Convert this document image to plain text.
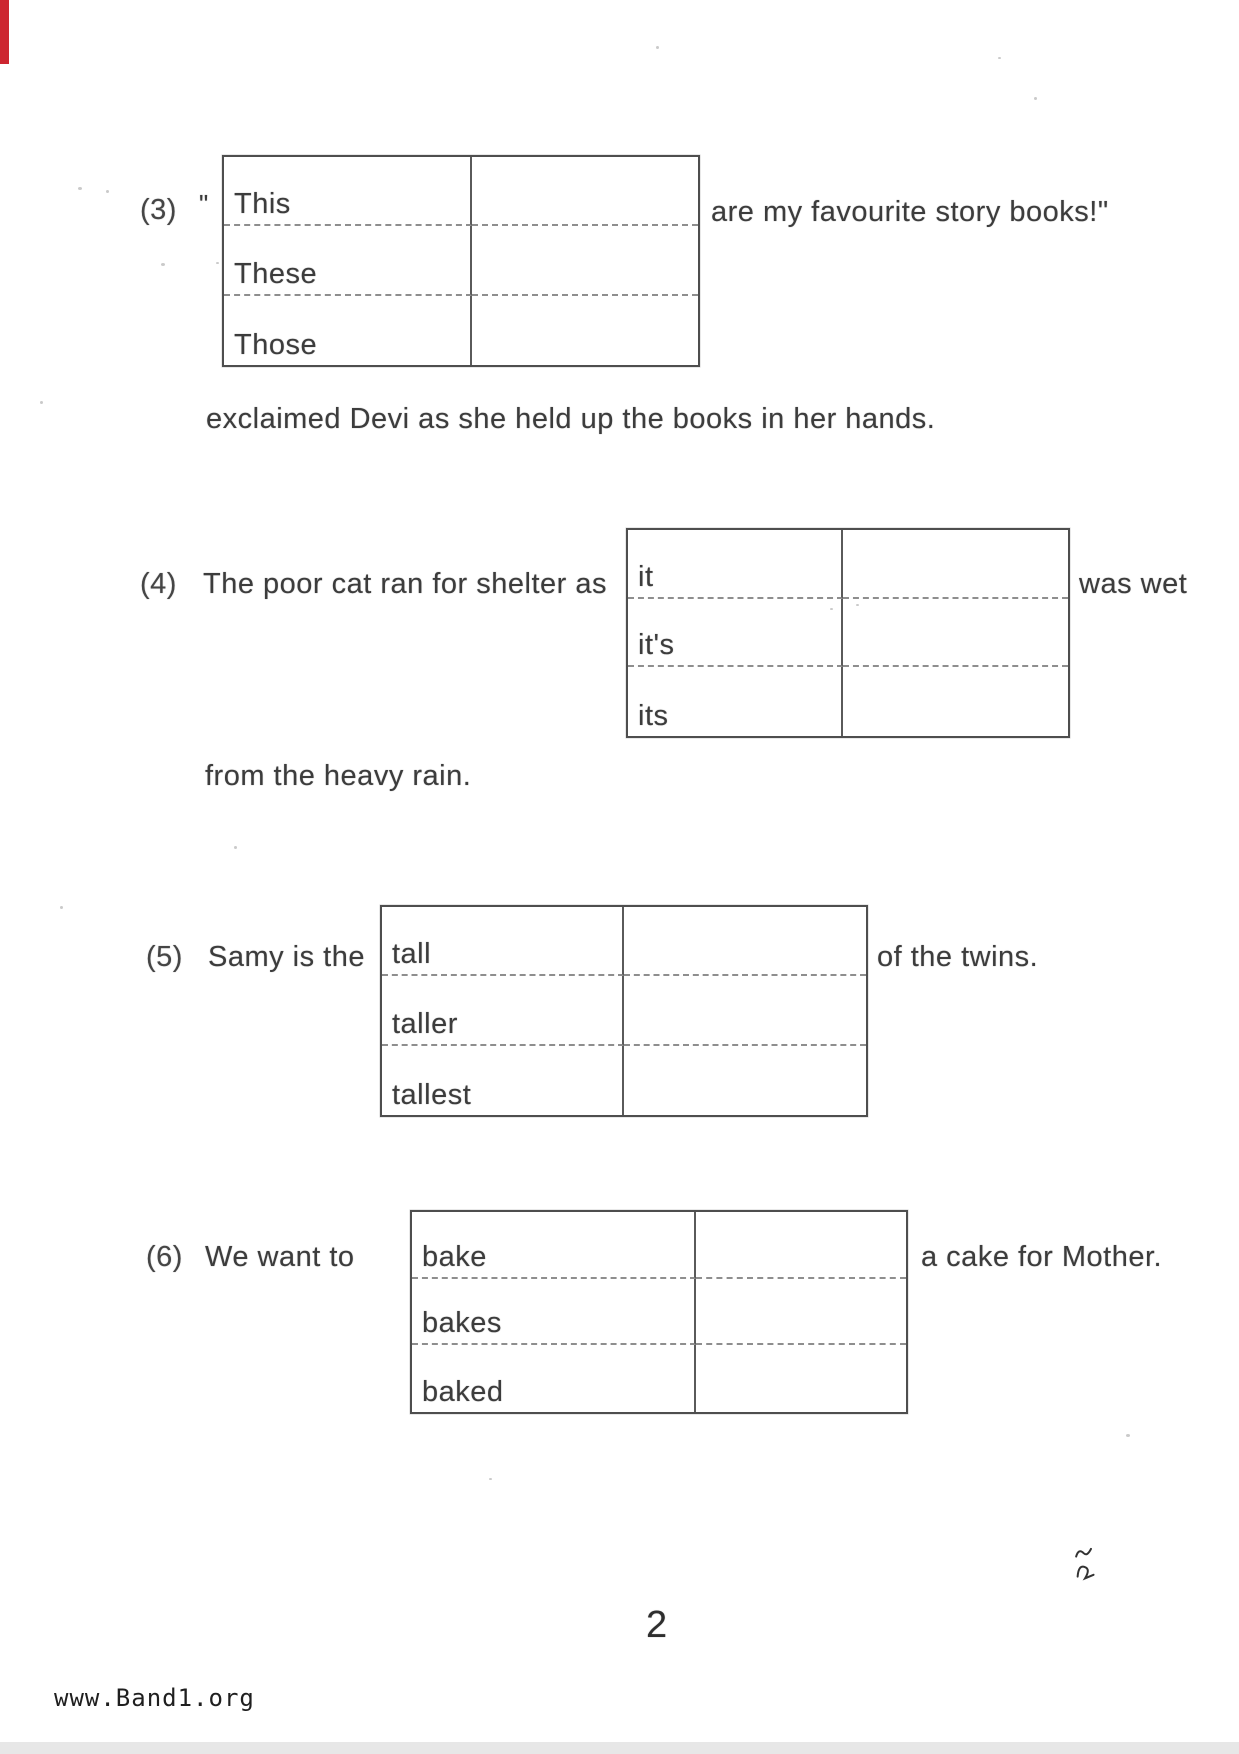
(3) " This
These
Those
are my favourite story books!"
exclaimed Devi as she held up the books in her hands.
(4) The poor cat ran for shelter as	it
it's
its
was wet
from the heavy rain.
(5) Samy is the tall
taller
tallest
of the twins.
(6) We want to	bake
bakes
baked
a cake for Mother.
2
www.Band1.org
